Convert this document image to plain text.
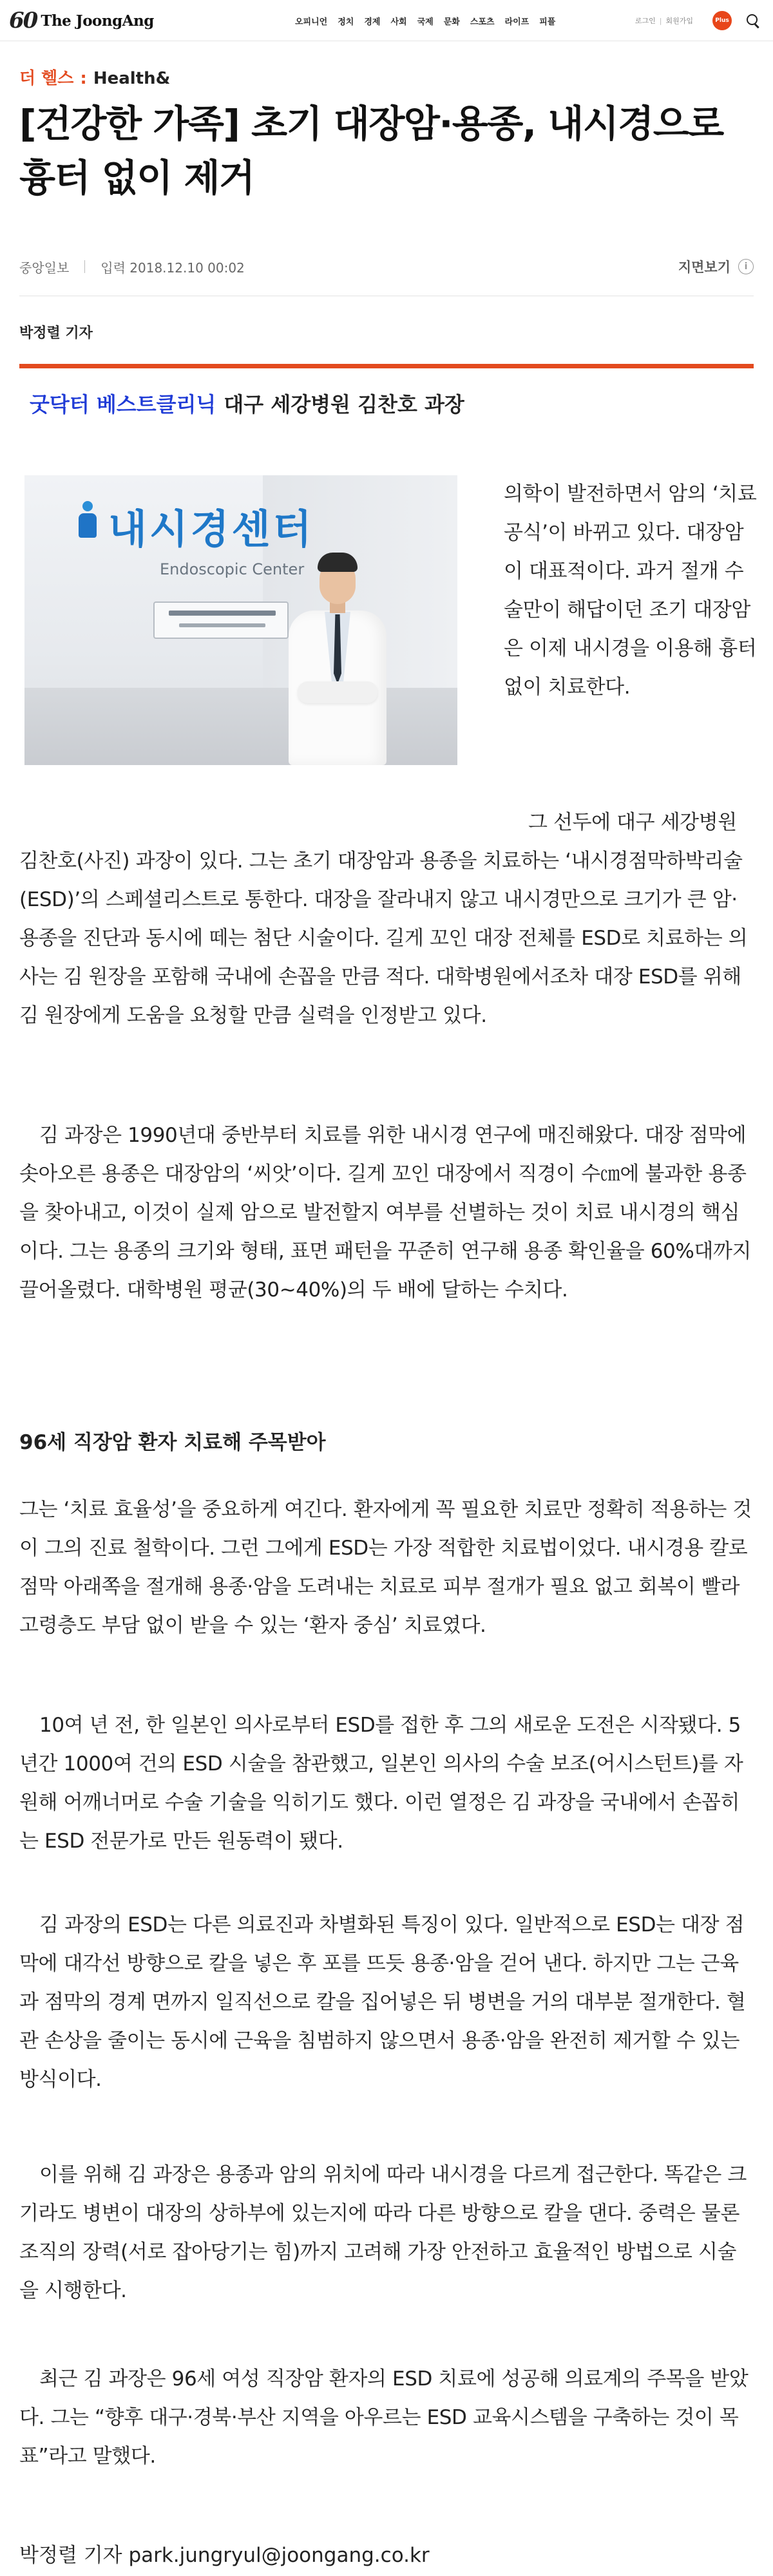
60 The JoongAng	오피니언 정치 경제 사회 국제 문화 스포츠 라이프 피플	로그인 | 회원가입	Plus
더 헬스 : Health&
[건강한 가족] 초기 대장암·용종, 내시경으로 흉터 없이 제거
중앙일보 입력 2018.12.10 00:02	지면보기	i
박정렬 기자
굿닥터 베스트클리닉 대구 세강병원 김찬호 과장
내시경센터
Endoscopic Center

의학이 발전하면서 암의 ‘치료 공식’이 바뀌고 있다. 대장암이 대표적이다. 과거 절개 수술만이 해답이던 조기 대장암은 이제 내시경을 이용해 흉터 없이 치료한다.

그 선두에 대구 세강병원 김찬호(사진) 과장이 있다. 그는 초기 대장암과 용종을 치료하는 ‘내시경점막하박리술(ESD)’의 스페셜리스트로 통한다. 대장을 잘라내지 않고 내시경만으로 크기가 큰 암·용종을 진단과 동시에 떼는 첨단 시술이다. 길게 꼬인 대장 전체를 ESD로 치료하는 의사는 김 원장을 포함해 국내에 손꼽을 만큼 적다. 대학병원에서조차 대장 ESD를 위해 김 원장에게 도움을 요청할 만큼 실력을 인정받고 있다.

김 과장은 1990년대 중반부터 치료를 위한 내시경 연구에 매진해왔다. 대장 점막에 솟아오른 용종은 대장암의 ‘씨앗’이다. 길게 꼬인 대장에서 직경이 수㎝에 불과한 용종을 찾아내고, 이것이 실제 암으로 발전할지 여부를 선별하는 것이 치료 내시경의 핵심이다. 그는 용종의 크기와 형태, 표면 패턴을 꾸준히 연구해 용종 확인율을 60%대까지 끌어올렸다. 대학병원 평균(30~40%)의 두 배에 달하는 수치다.

96세 직장암 환자 치료해 주목받아

그는 ‘치료 효율성’을 중요하게 여긴다. 환자에게 꼭 필요한 치료만 정확히 적용하는 것이 그의 진료 철학이다. 그런 그에게 ESD는 가장 적합한 치료법이었다. 내시경용 칼로 점막 아래쪽을 절개해 용종·암을 도려내는 치료로 피부 절개가 필요 없고 회복이 빨라 고령층도 부담 없이 받을 수 있는 ‘환자 중심’ 치료였다.

10여 년 전, 한 일본인 의사로부터 ESD를 접한 후 그의 새로운 도전은 시작됐다. 5년간 1000여 건의 ESD 시술을 참관했고, 일본인 의사의 수술 보조(어시스턴트)를 자원해 어깨너머로 수술 기술을 익히기도 했다. 이런 열정은 김 과장을 국내에서 손꼽히는 ESD 전문가로 만든 원동력이 됐다.

김 과장의 ESD는 다른 의료진과 차별화된 특징이 있다. 일반적으로 ESD는 대장 점막에 대각선 방향으로 칼을 넣은 후 포를 뜨듯 용종·암을 걷어 낸다. 하지만 그는 근육과 점막의 경계 면까지 일직선으로 칼을 집어넣은 뒤 병변을 거의 대부분 절개한다. 혈관 손상을 줄이는 동시에 근육을 침범하지 않으면서 용종·암을 완전히 제거할 수 있는 방식이다.

이를 위해 김 과장은 용종과 암의 위치에 따라 내시경을 다르게 접근한다. 똑같은 크기라도 병변이 대장의 상하부에 있는지에 따라 다른 방향으로 칼을 댄다. 중력은 물론 조직의 장력(서로 잡아당기는 힘)까지 고려해 가장 안전하고 효율적인 방법으로 시술을 시행한다.

최근 김 과장은 96세 여성 직장암 환자의 ESD 치료에 성공해 의료계의 주목을 받았다. 그는 “향후 대구·경북·부산 지역을 아우르는 ESD 교육시스템을 구축하는 것이 목표”라고 말했다.

박정렬 기자 park.jungryul@joongang.co.kr
